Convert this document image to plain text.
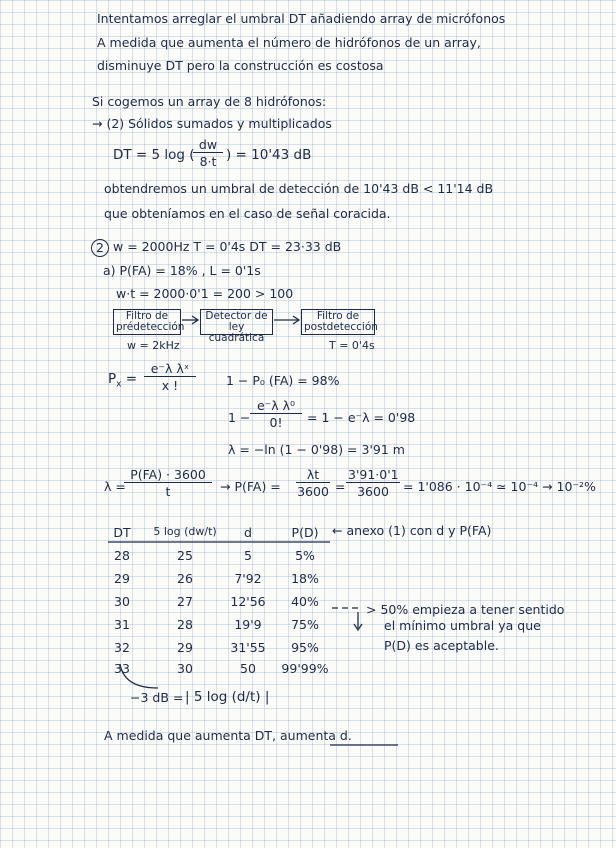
Intentamos arreglar el umbral DT añadiendo array de micrófonos
A medida que aumenta el número de hidrófonos de un array,
disminuye DT pero la construcción es costosa
Si cogemos un array de 8 hidrófonos:
→ (2) Sólidos sumados y multiplicados
DT = 5 log (
$\frac{dw}{8\cdot t}$ ) = 10'43 dB
obtendremos un umbral de detección de 10'43 dB < 11'14 dB
que obteníamos en el caso de señal coracida.
2 w = 2000Hz T = 0'4s DT = 23·33 dB
a) P(FA) = 18% , L = 0'1s
w·t = 2000·0'1 = 200 > 100
Filtro de prédetección
Detector de ley cuadrática
Filtro de postdetección
w = 2kHz	T = 0'4s
$P_x = \frac{\text{e⁻λ λˣ}}{x !} 1 - P_0$ (FA) = 98%
$1 - \frac{\text{e⁻λ λ⁰}}{0!} = 1 - e^-\lambda = 0'98$
λ = −ln (1 − 0'98) = 3'91 m
λ =
$\frac{P(FA) \cdot 3600}{t} \to P(FA) = \frac{\lambda t}{3600} = \frac{3'91\cdot 0'1}{3600} = 1'086 \cdot 10^{-4}$ ≃ 10⁻⁴ → 10⁻²%
DT	5 log (dw/t)	d	P(D)	← anexo (1) con d y P(FA)
28	25	5	5%
29	26	7'92	18%
30	27	12'56	40%
31	28	19'9	75%
32	29	31'55	95%
33	30	50	99'99%
> 50% empieza a tener sentido
el mínimo umbral ya que
P(D) es aceptable.
−3 dB = | 5 log (d/t) |
A medida que aumenta DT, aumenta d.
